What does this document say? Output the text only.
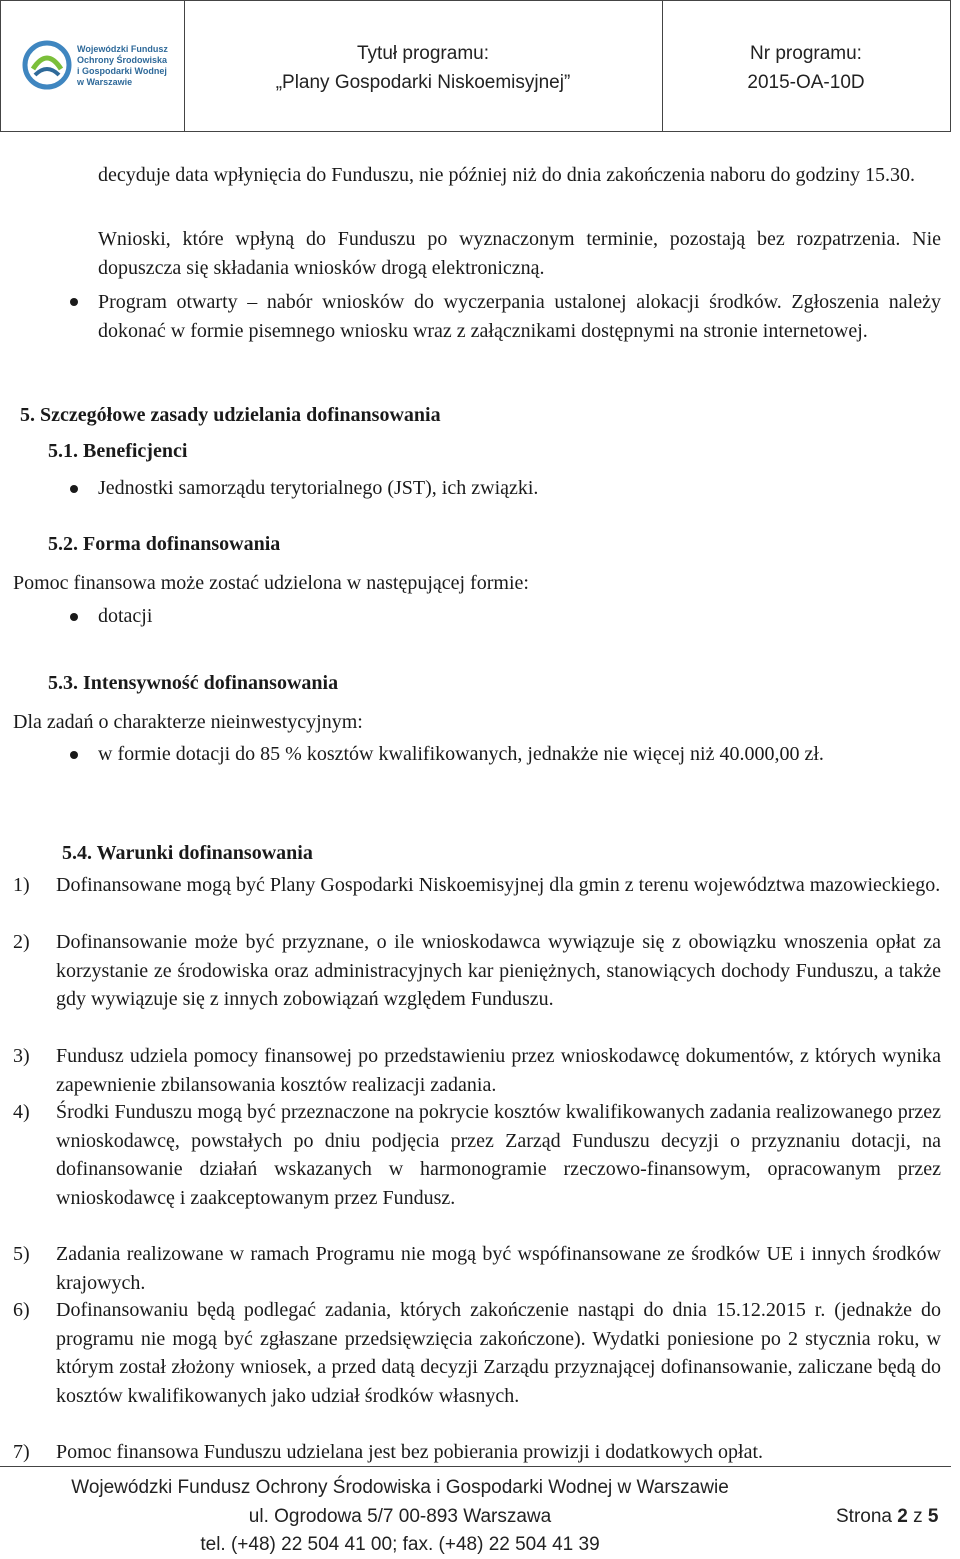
Wojewódzki Fundusz
Ochrony Środowiska
i Gospodarki Wodnej
w Warszawie
Tytuł programu:
„Plany Gospodarki Niskoemisyjnej”
Nr programu:
2015-OA-10D
decyduje data wpłynięcia do Funduszu, nie później niż do dnia zakończenia naboru do godziny 15.30.
Wnioski, które wpłyną do Funduszu po wyznaczonym terminie, pozostają bez rozpatrzenia. Nie dopuszcza się składania wniosków drogą elektroniczną.
Program otwarty – nabór wniosków do wyczerpania ustalonej alokacji środków. Zgłoszenia należy dokonać w formie pisemnego wniosku wraz z załącznikami dostępnymi na stronie internetowej.
5. Szczegółowe zasady udzielania dofinansowania
5.1. Beneficjenci
Jednostki samorządu terytorialnego (JST), ich związki.
5.2. Forma dofinansowania
Pomoc finansowa może zostać udzielona w następującej formie:
dotacji
5.3. Intensywność dofinansowania
Dla zadań o charakterze nieinwestycyjnym:
w formie dotacji do 85 % kosztów kwalifikowanych, jednakże nie więcej niż 40.000,00 zł.
5.4. Warunki dofinansowania
1) Dofinansowane mogą być Plany Gospodarki Niskoemisyjnej dla gmin z terenu województwa mazowieckiego.
2) Dofinansowanie może być przyznane, o ile wnioskodawca wywiązuje się z obowiązku wnoszenia opłat za korzystanie ze środowiska oraz administracyjnych kar pieniężnych, stanowiących dochody Funduszu, a także gdy wywiązuje się z innych zobowiązań względem Funduszu.
3) Fundusz udziela pomocy finansowej po przedstawieniu przez wnioskodawcę dokumentów, z których wynika zapewnienie zbilansowania kosztów realizacji zadania.
4) Środki Funduszu mogą być przeznaczone na pokrycie kosztów kwalifikowanych zadania realizowanego przez wnioskodawcę, powstałych po dniu podjęcia przez Zarząd Funduszu decyzji o przyznaniu dotacji, na dofinansowanie działań wskazanych w harmonogramie rzeczowo-finansowym, opracowanym przez wnioskodawcę i zaakceptowanym przez Fundusz.
5) Zadania realizowane w ramach Programu nie mogą być wspófinansowane ze środków UE i innych środków krajowych.
6) Dofinansowaniu będą podlegać zadania, których zakończenie nastąpi do dnia 15.12.2015 r. (jednakże do programu nie mogą być zgłaszane przedsięwzięcia zakończone). Wydatki poniesione po 2 stycznia roku, w którym został złożony wniosek, a przed datą decyzji Zarządu przyznającej dofinansowanie, zaliczane będą do kosztów kwalifikowanych jako udział środków własnych.
7) Pomoc finansowa Funduszu udzielana jest bez pobierania prowizji i dodatkowych opłat.
Wojewódzki Fundusz Ochrony Środowiska i Gospodarki Wodnej w Warszawie
ul. Ogrodowa 5/7 00-893 Warszawa
tel. (+48) 22 504 41 00; fax. (+48) 22 504 41 39
Strona 2 z 5
